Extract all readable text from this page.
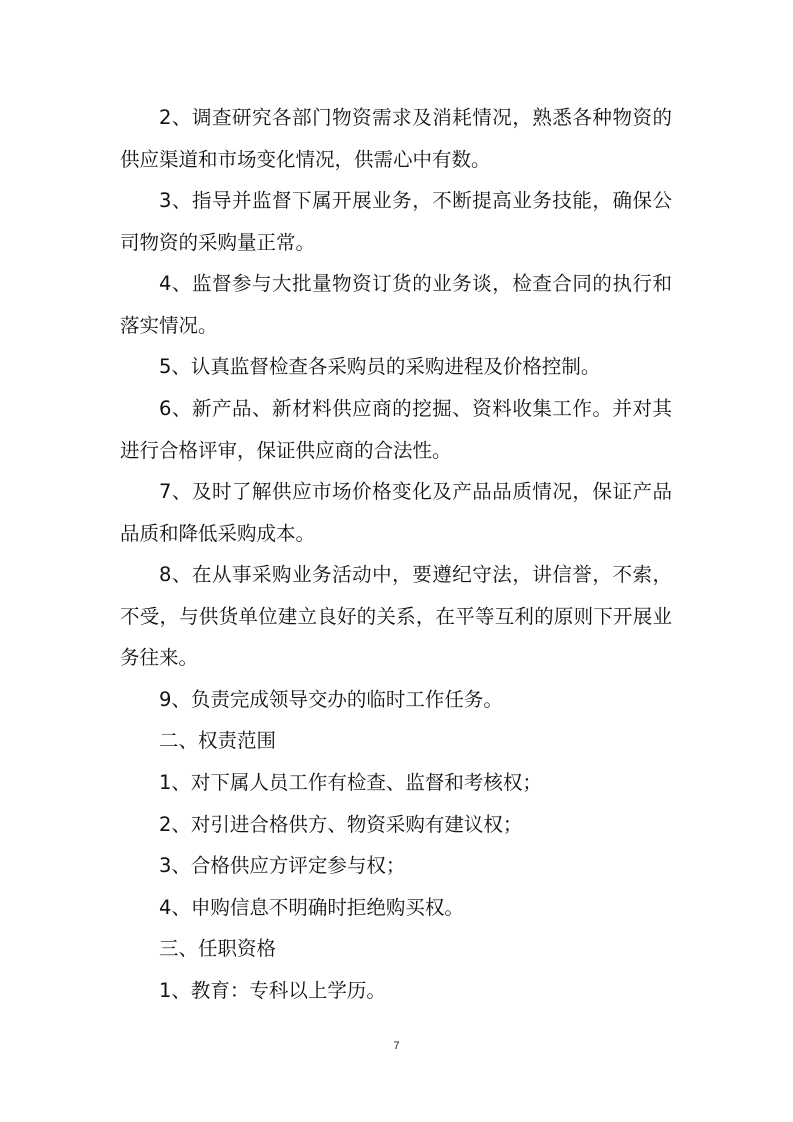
2、调查研究各部门物资需求及消耗情况，熟悉各种物资的
供应渠道和市场变化情况，供需心中有数。
3、指导并监督下属开展业务，不断提高业务技能，确保公
司物资的采购量正常。
4、监督参与大批量物资订货的业务谈，检查合同的执行和
落实情况。
5、认真监督检查各采购员的采购进程及价格控制。
6、新产品、新材料供应商的挖掘、资料收集工作。并对其
进行合格评审，保证供应商的合法性。
7、及时了解供应市场价格变化及产品品质情况，保证产品
品质和降低采购成本。
8、在从事采购业务活动中，要遵纪守法，讲信誉，不索，
不受，与供货单位建立良好的关系，在平等互利的原则下开展业
务往来。
9、负责完成领导交办的临时工作任务。
二、权责范围
1、对下属人员工作有检查、监督和考核权；
2、对引进合格供方、物资采购有建议权；
3、合格供应方评定参与权；
4、申购信息不明确时拒绝购买权。
三、任职资格
1、教育：专科以上学历。
7
